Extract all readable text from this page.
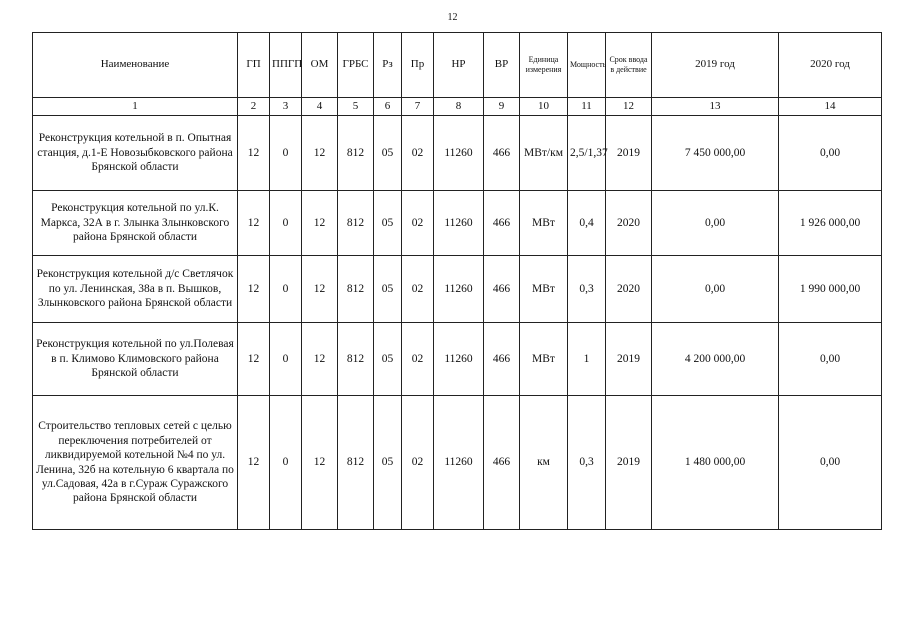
12
Наименование	ГП	ППГП	ОМ	ГРБС	Рз	Пр	НР	ВР	Единица измерения	Мощность	Срок ввода в действие	2019 год	2020 год
1	2	3	4	5	6	7	8	9	10	11	12	13	14
Реконструкция котельной в п. Опытная станция, д.1-Е Новозыбковского района Брянской области	12	0	12	812	05	02	11260	466	МВт/км	2,5/1,37	2019	7 450 000,00	0,00
Реконструкция котельной по ул.К. Маркса, 32А в г. Злынка Злынковского района Брянской области	12	0	12	812	05	02	11260	466	МВт	0,4	2020	0,00	1 926 000,00
Реконструкция котельной д/с Светлячок по ул. Ленинская, 38а в п. Вышков, Злынковского района Брянской области	12	0	12	812	05	02	11260	466	МВт	0,3	2020	0,00	1 990 000,00
Реконструкция котельной по ул.Полевая в п. Климово Климовского района Брянской области	12	0	12	812	05	02	11260	466	МВт	1	2019	4 200 000,00	0,00
Строительство тепловых сетей с целью переключения потребителей от ликвидируемой котельной №4 по ул. Ленина, 32б на котельную 6 квартала по ул.Садовая, 42а в г.Сураж Суражского района Брянской области	12	0	12	812	05	02	11260	466	км	0,3	2019	1 480 000,00	0,00
